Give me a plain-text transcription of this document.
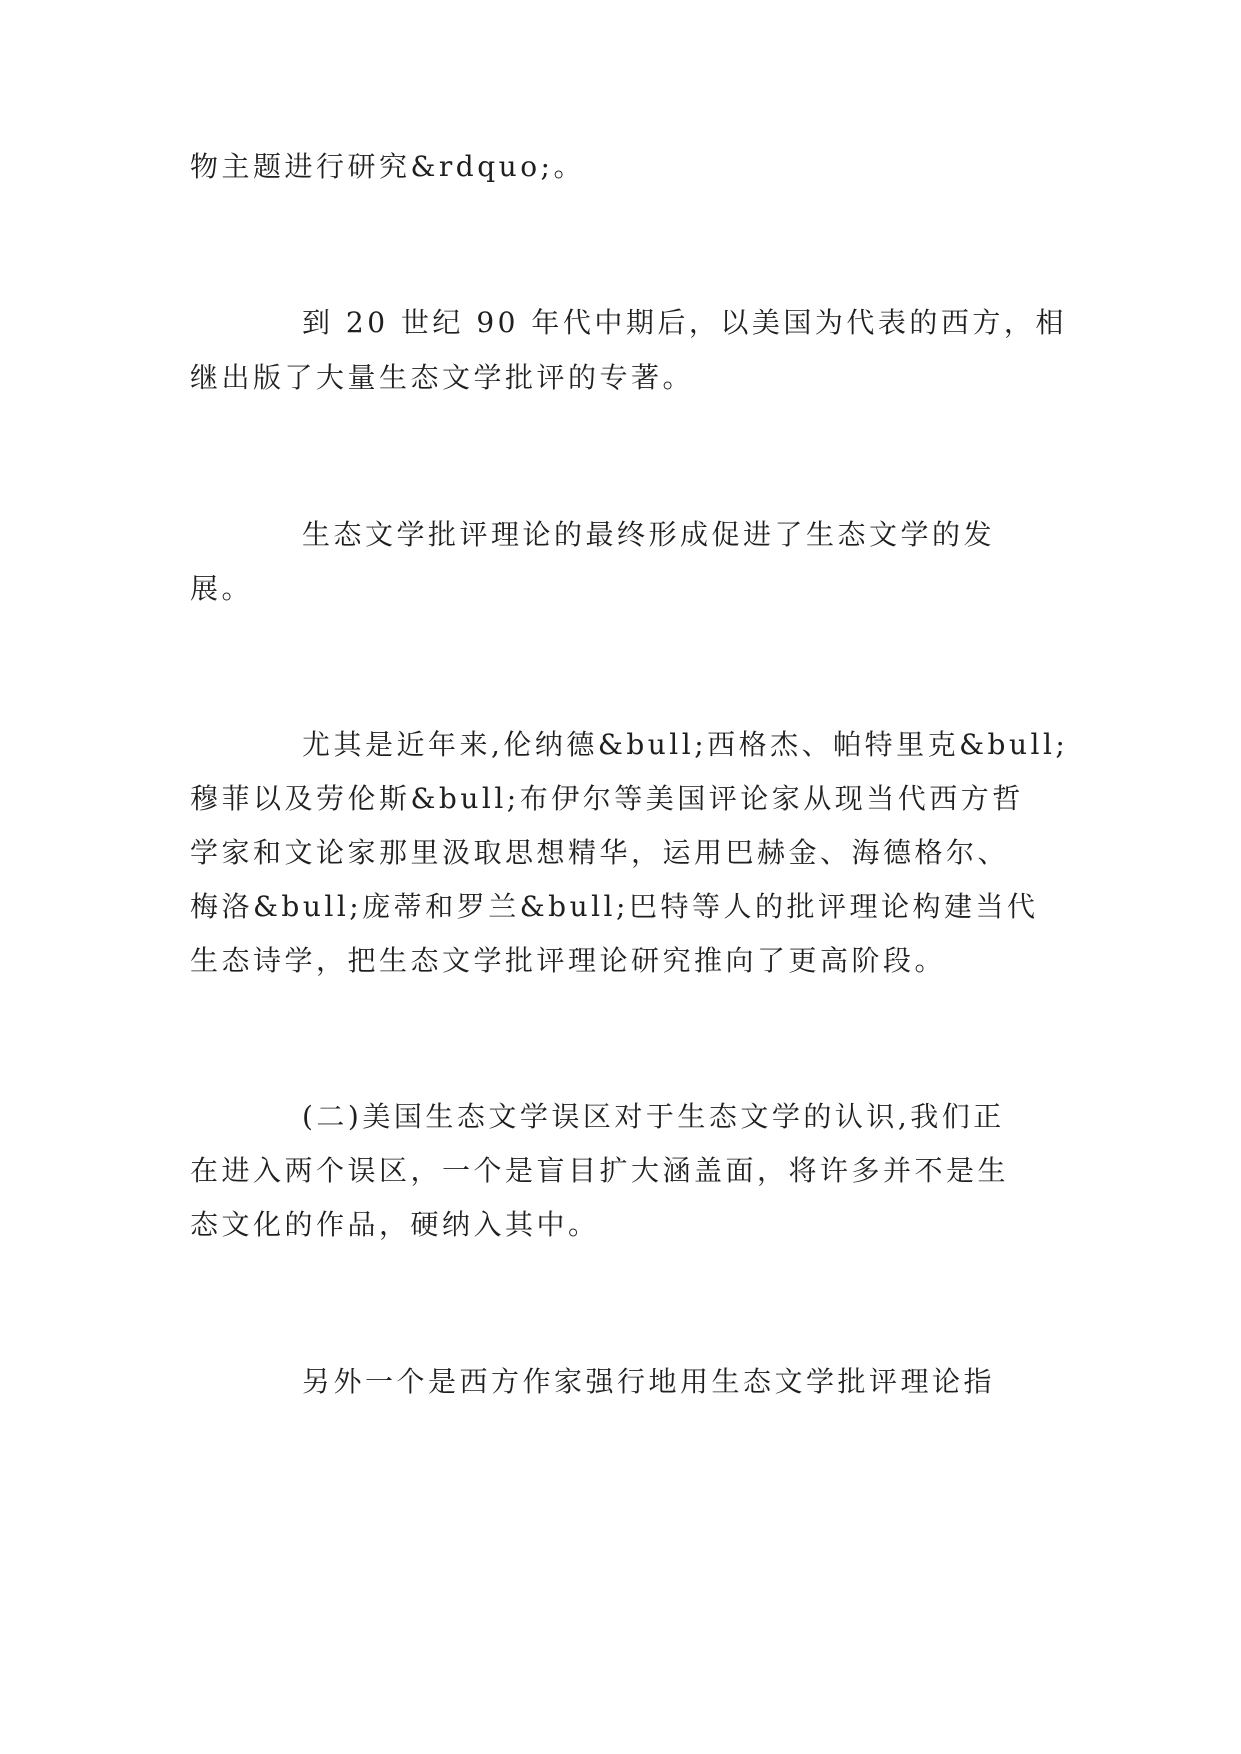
物主题进行研究&rdquo;。

到 20 世纪 90 年代中期后，以美国为代表的西方，相

继出版了大量生态文学批评的专著。

生态文学批评理论的最终形成促进了生态文学的发

展。

尤其是近年来,伦纳德&bull;西格杰、帕特里克&bull;

穆菲以及劳伦斯&bull;布伊尔等美国评论家从现当代西方哲

学家和文论家那里汲取思想精华，运用巴赫金、海德格尔、

梅洛&bull;庞蒂和罗兰&bull;巴特等人的批评理论构建当代

生态诗学，把生态文学批评理论研究推向了更高阶段。

(二)美国生态文学误区对于生态文学的认识,我们正

在进入两个误区，一个是盲目扩大涵盖面，将许多并不是生

态文化的作品，硬纳入其中。

另外一个是西方作家强行地用生态文学批评理论指
